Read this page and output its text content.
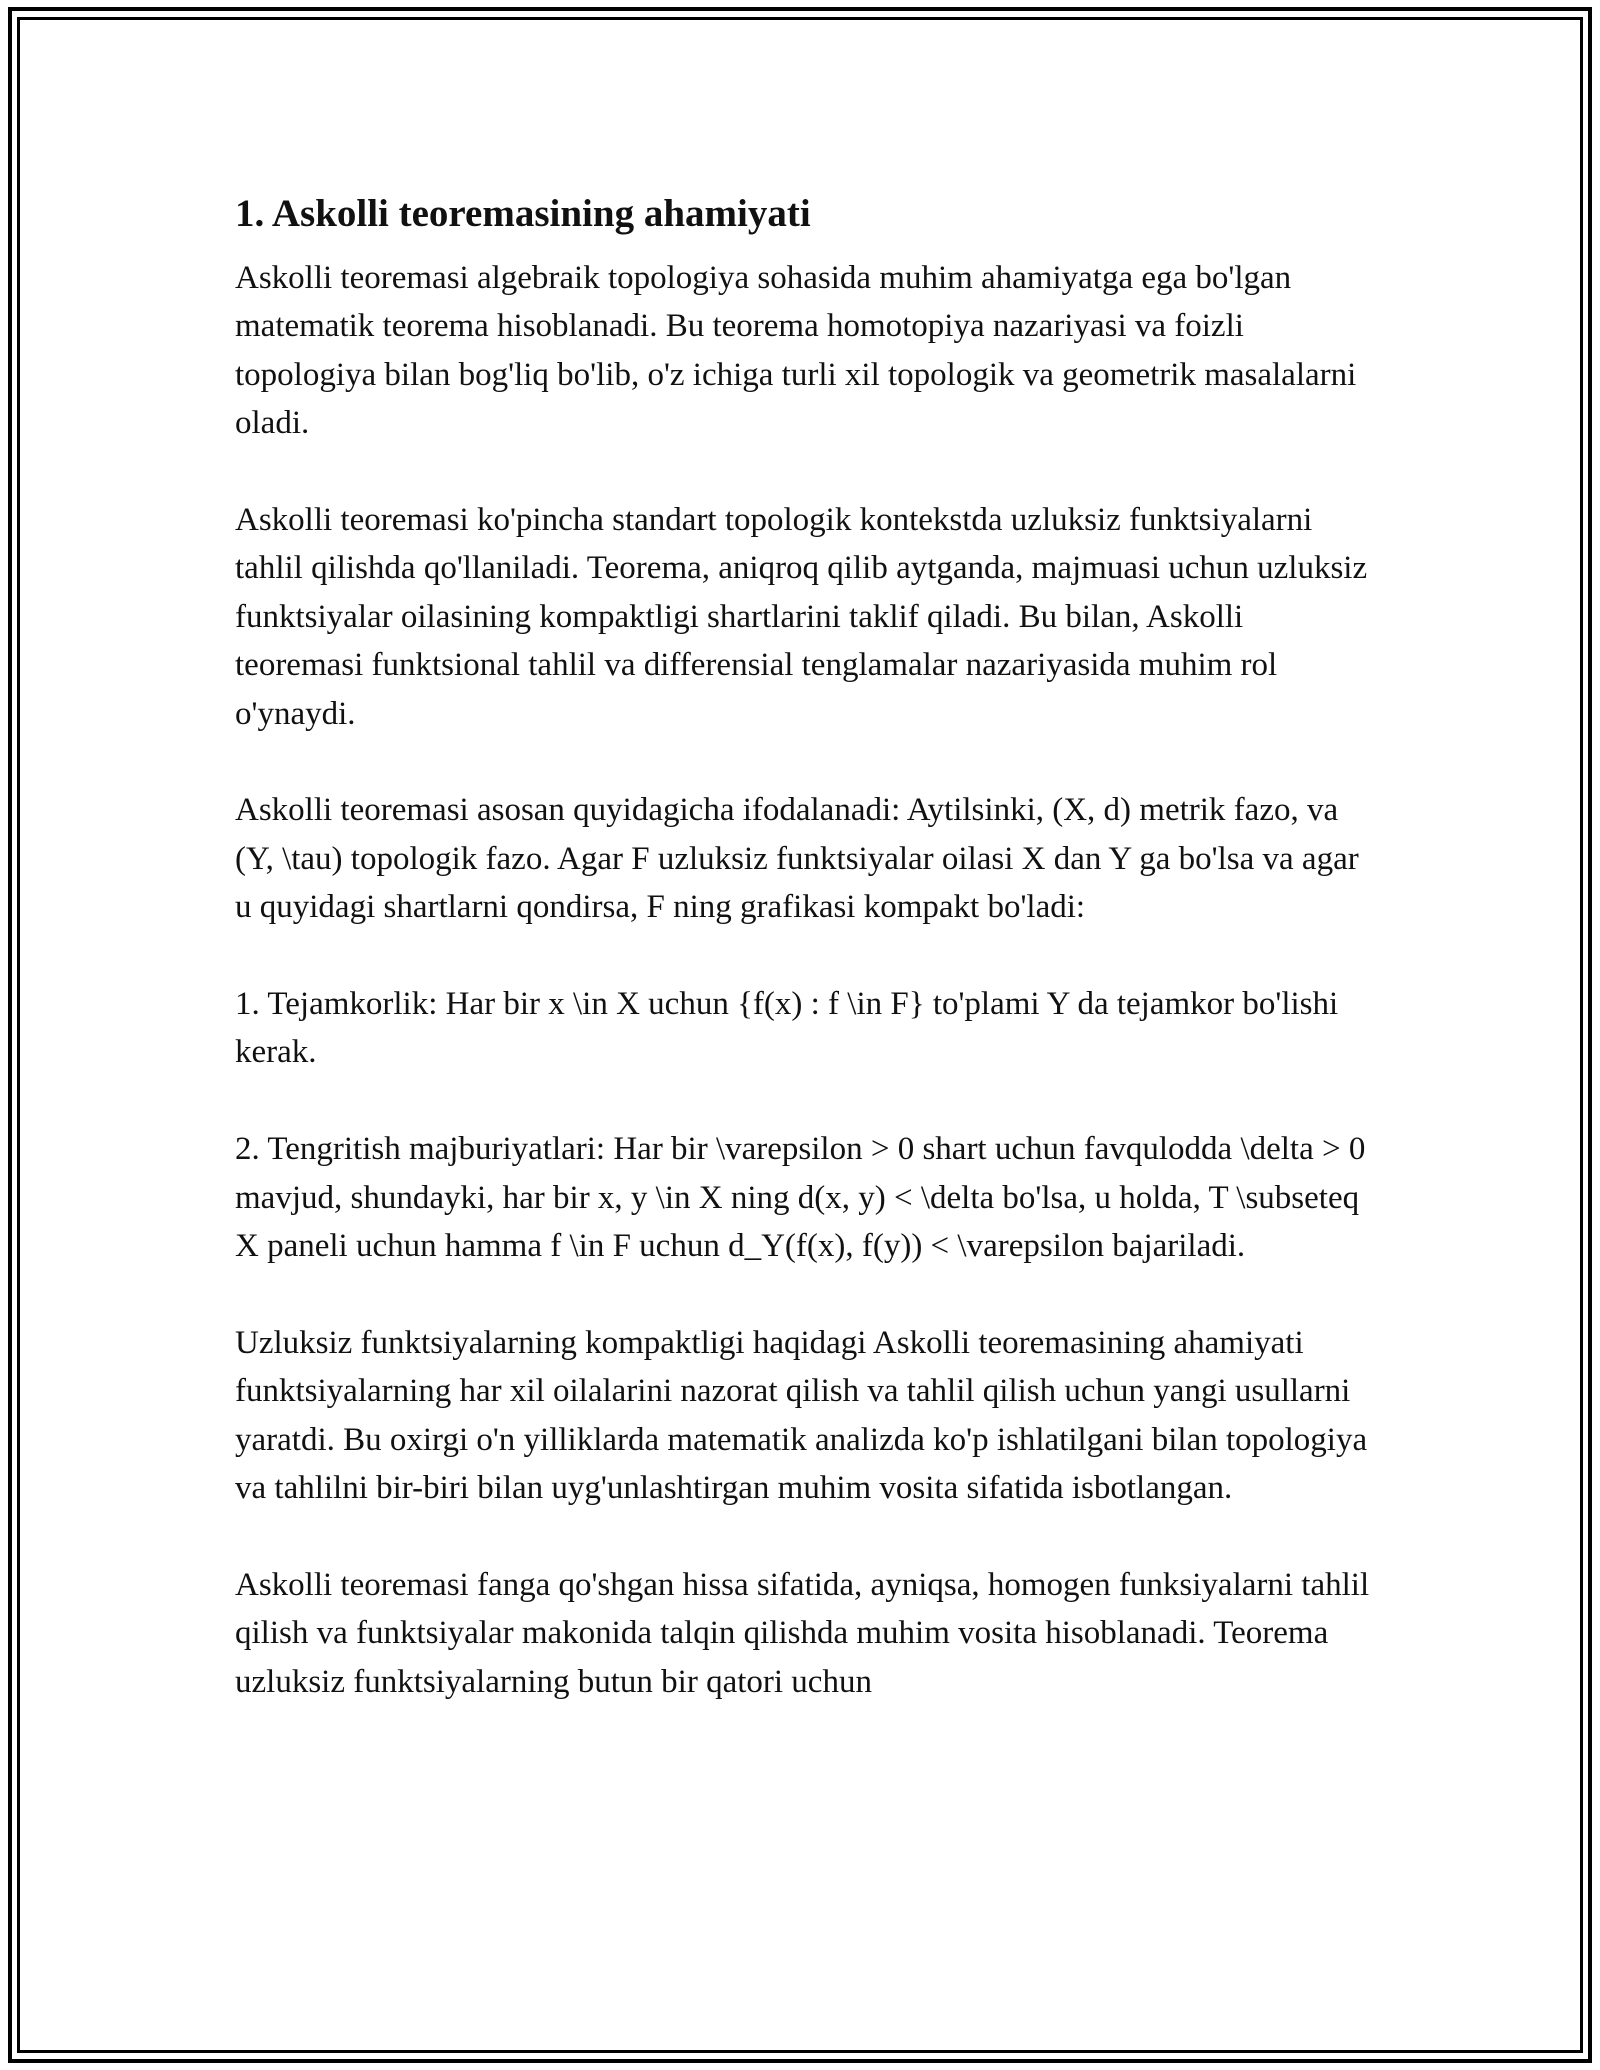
1. Askolli teoremasining ahamiyati

Askolli teoremasi algebraik topologiya sohasida muhim ahamiyatga ega bo'lgan matematik teorema hisoblanadi. Bu teorema homotopiya nazariyasi va foizli topologiya bilan bog'liq bo'lib, o'z ichiga turli xil topologik va geometrik masalalarni oladi.

Askolli teoremasi ko'pincha standart topologik kontekstda uzluksiz funktsiyalarni tahlil qilishda qo'llaniladi. Teorema, aniqroq qilib aytganda, majmuasi uchun uzluksiz funktsiyalar oilasining kompaktligi shartlarini taklif qiladi. Bu bilan, Askolli teoremasi funktsional tahlil va differensial tenglamalar nazariyasida muhim rol o'ynaydi.

Askolli teoremasi asosan quyidagicha ifodalanadi: Aytilsinki, (X, d) metrik fazo, va (Y, \tau) topologik fazo. Agar F uzluksiz funktsiyalar oilasi X dan Y ga bo'lsa va agar u quyidagi shartlarni qondirsa, F ning grafikasi kompakt bo'ladi:

1. Tejamkorlik: Har bir x \in X uchun {f(x) : f \in F} to'plami Y da tejamkor bo'lishi kerak.

2. Tengritish majburiyatlari: Har bir \varepsilon > 0 shart uchun favqulodda \delta > 0 mavjud, shundayki, har bir x, y \in X ning d(x, y) < \delta bo'lsa, u holda, T \subseteq X paneli uchun hamma f \in F uchun d_Y(f(x), f(y)) < \varepsilon bajariladi.

Uzluksiz funktsiyalarning kompaktligi haqidagi Askolli teoremasining ahamiyati funktsiyalarning har xil oilalarini nazorat qilish va tahlil qilish uchun yangi usullarni yaratdi. Bu oxirgi o'n yilliklarda matematik analizda ko'p ishlatilgani bilan topologiya va tahlilni bir-biri bilan uyg'unlashtirgan muhim vosita sifatida isbotlangan.

Askolli teoremasi fanga qo'shgan hissa sifatida, ayniqsa, homogen funksiyalarni tahlil qilish va funktsiyalar makonida talqin qilishda muhim vosita hisoblanadi. Teorema uzluksiz funktsiyalarning butun bir qatori uchun
